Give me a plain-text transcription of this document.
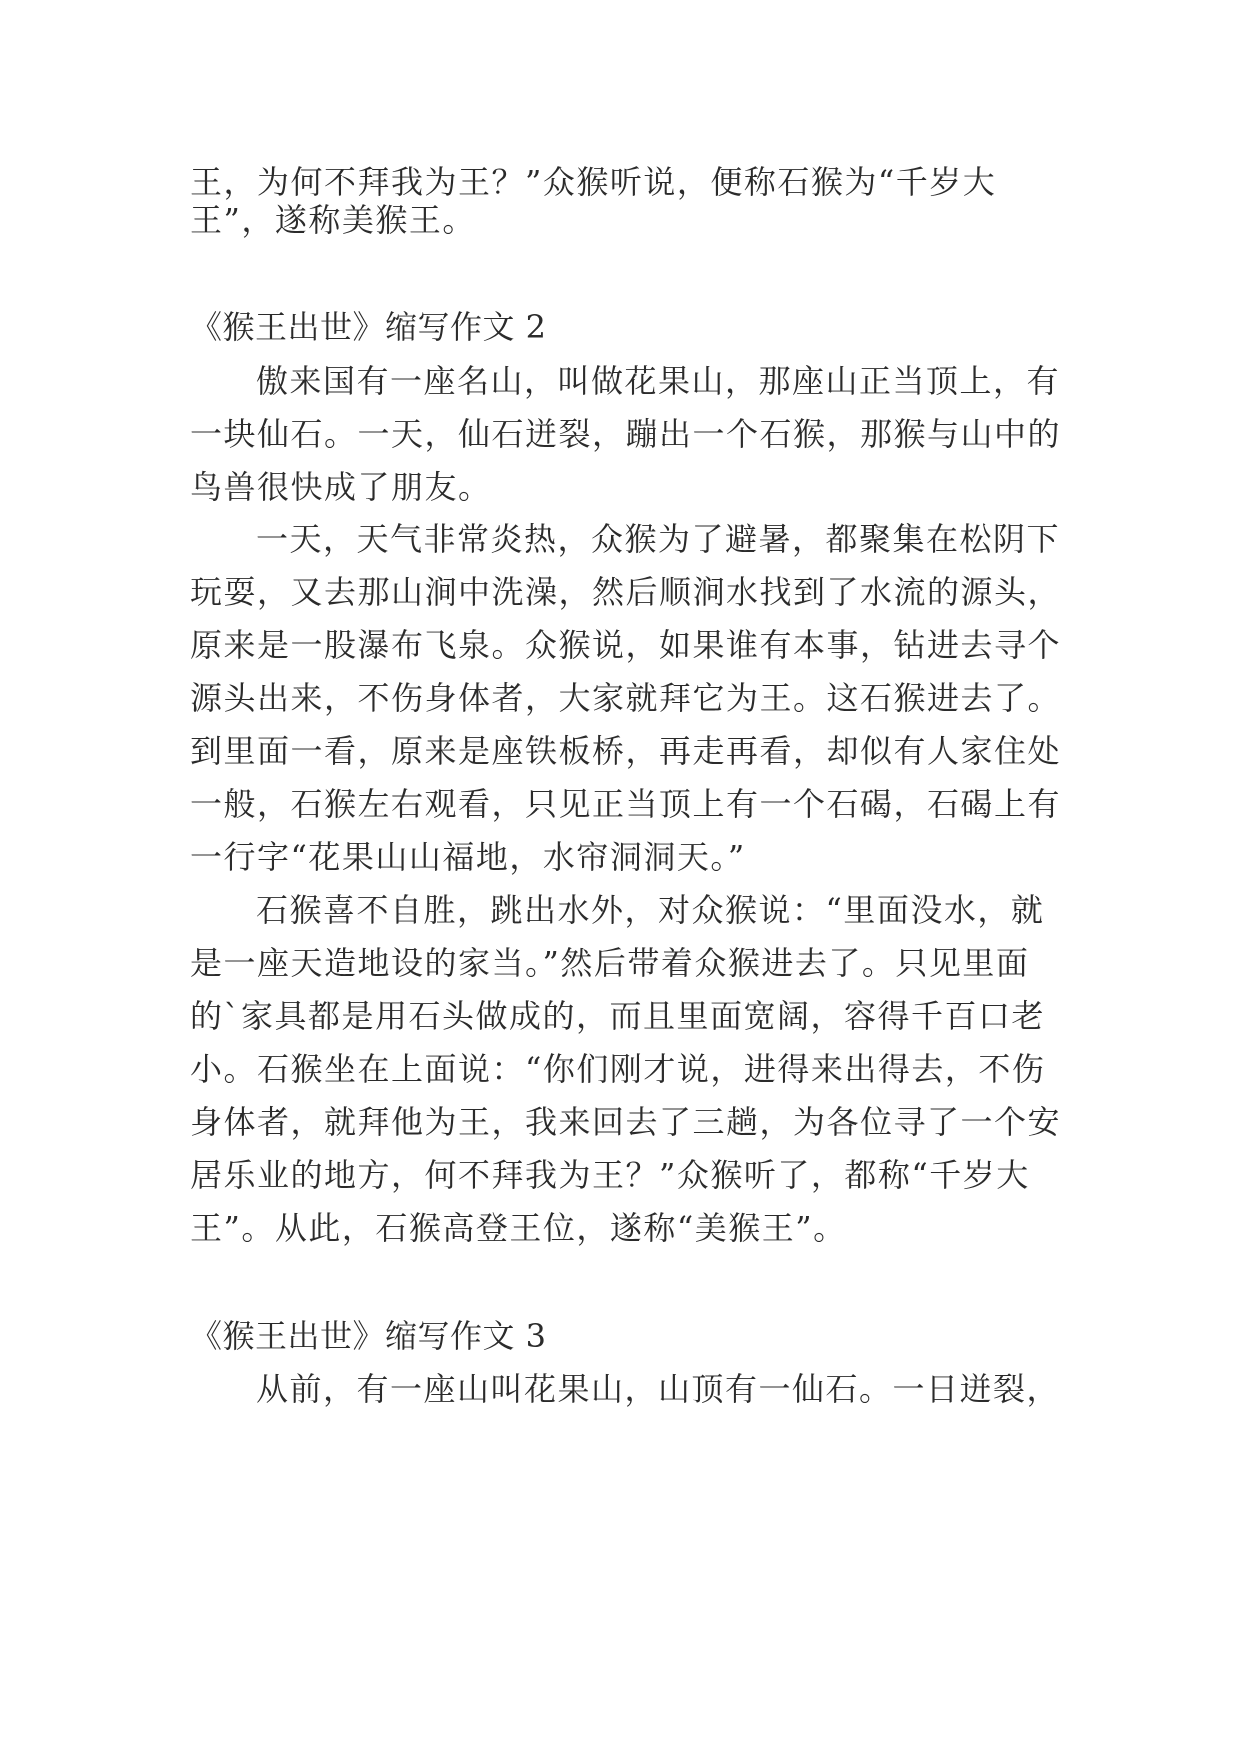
王，为何不拜我为王？”众猴听说，便称石猴为“千岁大

王”，遂称美猴王。

《猴王出世》缩写作文 2

傲来国有一座名山，叫做花果山，那座山正当顶上，有

一块仙石。一天，仙石迸裂，蹦出一个石猴，那猴与山中的

鸟兽很快成了朋友。

一天，天气非常炎热，众猴为了避暑，都聚集在松阴下

玩耍，又去那山涧中洗澡，然后顺涧水找到了水流的源头，

原来是一股瀑布飞泉。众猴说，如果谁有本事，钻进去寻个

源头出来，不伤身体者，大家就拜它为王。这石猴进去了。

到里面一看，原来是座铁板桥，再走再看，却似有人家住处

一般，石猴左右观看，只见正当顶上有一个石碣，石碣上有

一行字“花果山山福地，水帘洞洞天。”

石猴喜不自胜，跳出水外，对众猴说：“里面没水，就

是一座天造地设的家当。”然后带着众猴进去了。只见里面

的`家具都是用石头做成的，而且里面宽阔，容得千百口老

小。石猴坐在上面说：“你们刚才说，进得来出得去，不伤

身体者，就拜他为王，我来回去了三趟，为各位寻了一个安

居乐业的地方，何不拜我为王？”众猴听了，都称“千岁大

王”。从此，石猴高登王位，遂称“美猴王”。

《猴王出世》缩写作文 3

从前，有一座山叫花果山，山顶有一仙石。一日迸裂，
